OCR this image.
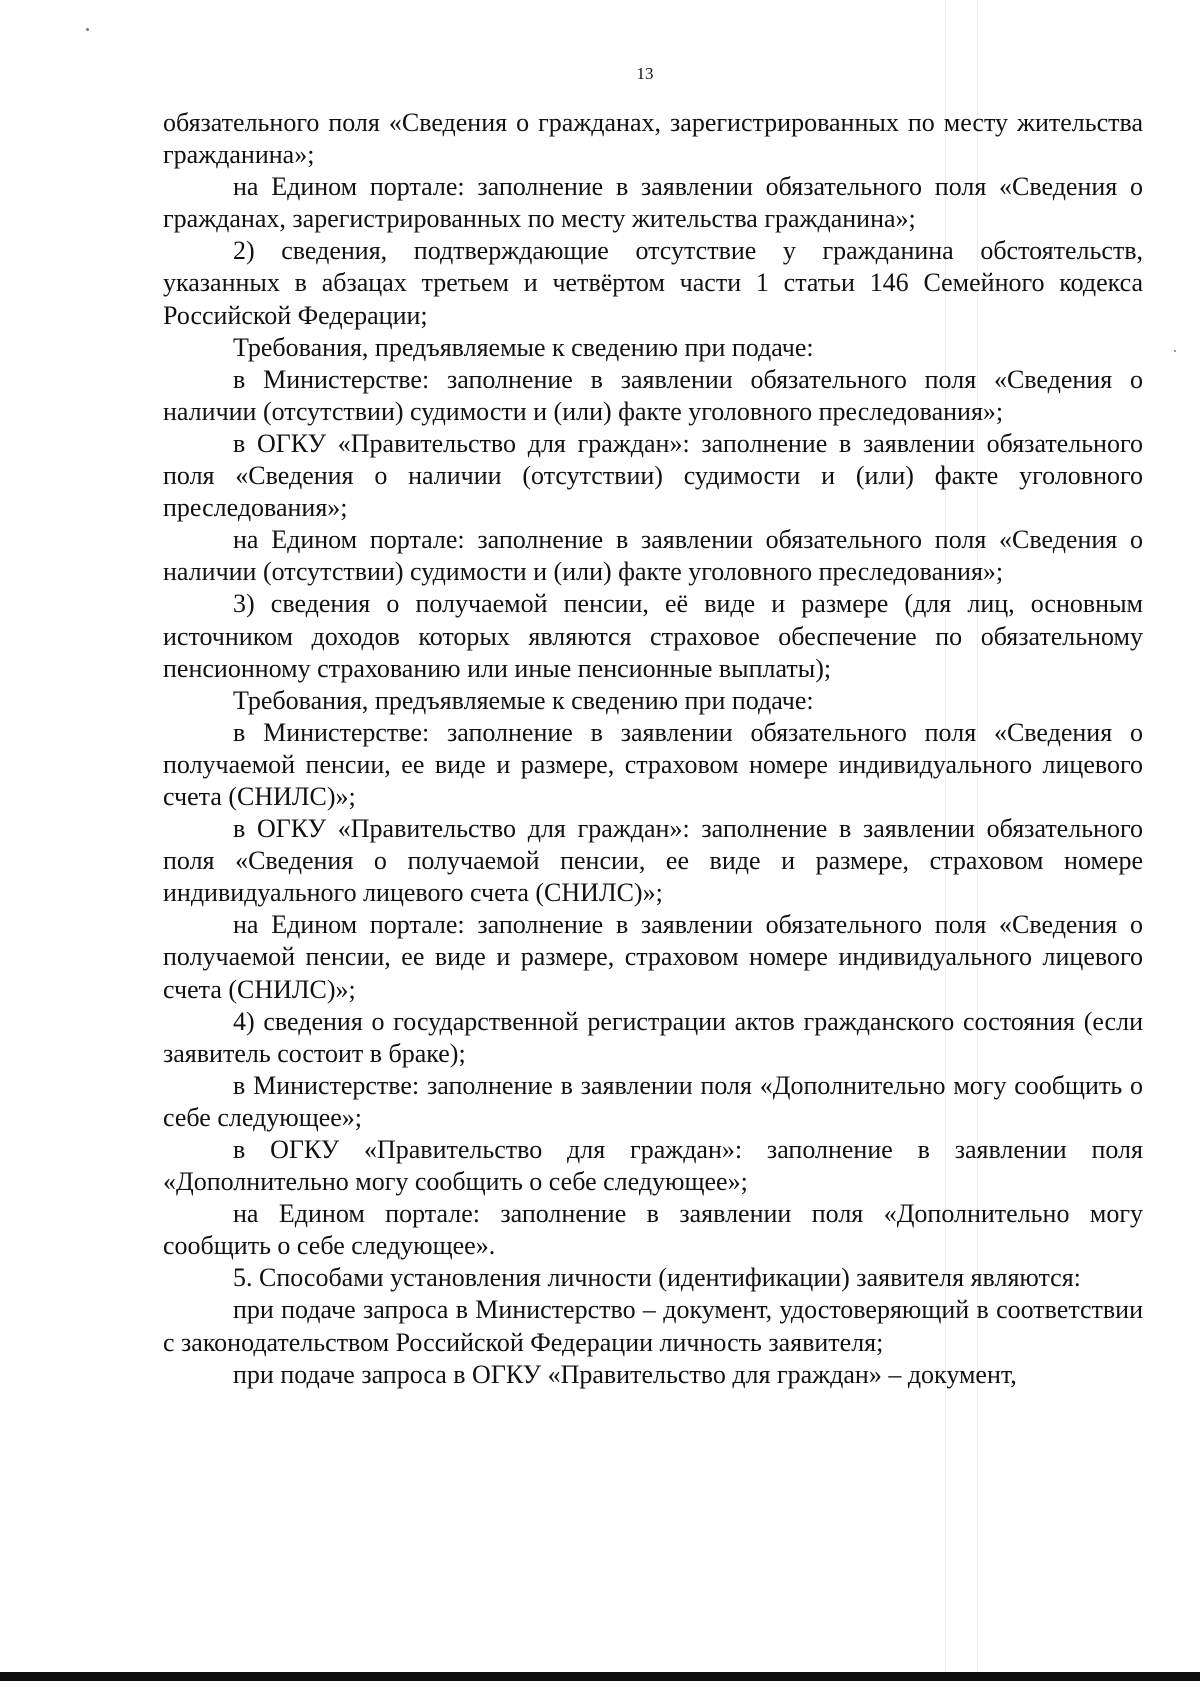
13

обязательного поля «Сведения о гражданах, зарегистрированных по месту жительства гражданина»;

на Едином портале: заполнение в заявлении обязательного поля «Сведения о гражданах, зарегистрированных по месту жительства гражданина»;

2) сведения, подтверждающие отсутствие у гражданина обстоятельств, указанных в абзацах третьем и четвёртом части 1 статьи 146 Семейного кодекса Российской Федерации;

Требования, предъявляемые к сведению при подаче:

в Министерстве: заполнение в заявлении обязательного поля «Сведения о наличии (отсутствии) судимости и (или) факте уголовного преследования»;

в ОГКУ «Правительство для граждан»: заполнение в заявлении обязательного поля «Сведения о наличии (отсутствии) судимости и (или) факте уголовного преследования»;

на Едином портале: заполнение в заявлении обязательного поля «Сведения о наличии (отсутствии) судимости и (или) факте уголовного преследования»;

3) сведения о получаемой пенсии, её виде и размере (для лиц, основным источником доходов которых являются страховое обеспечение по обязательному пенсионному страхованию или иные пенсионные выплаты);

Требования, предъявляемые к сведению при подаче:

в Министерстве: заполнение в заявлении обязательного поля «Сведения о получаемой пенсии, ее виде и размере, страховом номере индивидуального лицевого счета (СНИЛС)»;

в ОГКУ «Правительство для граждан»: заполнение в заявлении обязательного поля «Сведения о получаемой пенсии, ее виде и размере, страховом номере индивидуального лицевого счета (СНИЛС)»;

на Едином портале: заполнение в заявлении обязательного поля «Сведения о получаемой пенсии, ее виде и размере, страховом номере индивидуального лицевого счета (СНИЛС)»;

4) сведения о государственной регистрации актов гражданского состояния (если заявитель состоит в браке);

в Министерстве: заполнение в заявлении поля «Дополнительно могу сообщить о себе следующее»;

в ОГКУ «Правительство для граждан»: заполнение в заявлении поля «Дополнительно могу сообщить о себе следующее»;

на Едином портале: заполнение в заявлении поля «Дополнительно могу сообщить о себе следующее».

5. Способами установления личности (идентификации) заявителя являются:

при подаче запроса в Министерство – документ, удостоверяющий в соответствии с законодательством Российской Федерации личность заявителя;

при подаче запроса в ОГКУ «Правительство для граждан» – документ,
